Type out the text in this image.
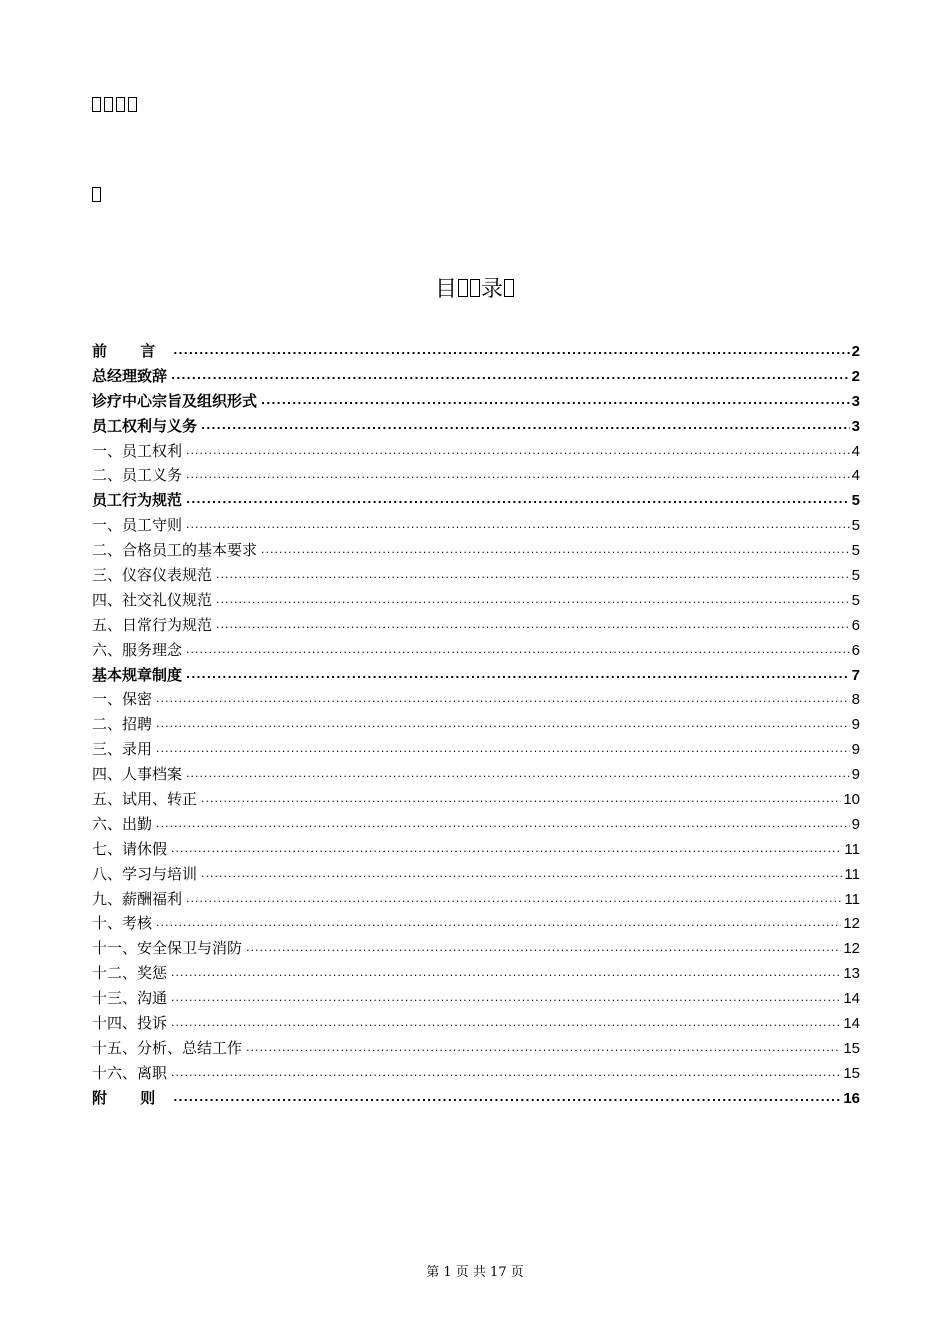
目 录
前 言 .....	2
总经理致辞 .....	2
诊疗中心宗旨及组织形式 .....	3
员工权利与义务 .....	3
一、员工权利 .....	4
二、员工义务 .....	4
员工行为规范 .....	5
一、员工守则 .....	5
二、合格员工的基本要求 .....	5
三、仪容仪表规范 .....	5
四、社交礼仪规范 .....	5
五、日常行为规范 .....	6
六、服务理念 .....	6
基本规章制度 .....	7
一、保密 .....	8
二、招聘 .....	9
三、录用 .....	9
四、人事档案 .....	9
五、试用、转正 .....	10
六、出勤 .....	9
七、请休假 .....	11
八、学习与培训 .....	11
九、薪酬福利 .....	11
十、考核 .....	12
十一、安全保卫与消防 .....	12
十二、奖惩 .....	13
十三、沟通 .....	14
十四、投诉 .....	14
十五、分析、总结工作 .....	15
十六、离职 .....	15
附 则 .....	16
第 1 页 共 17 页
